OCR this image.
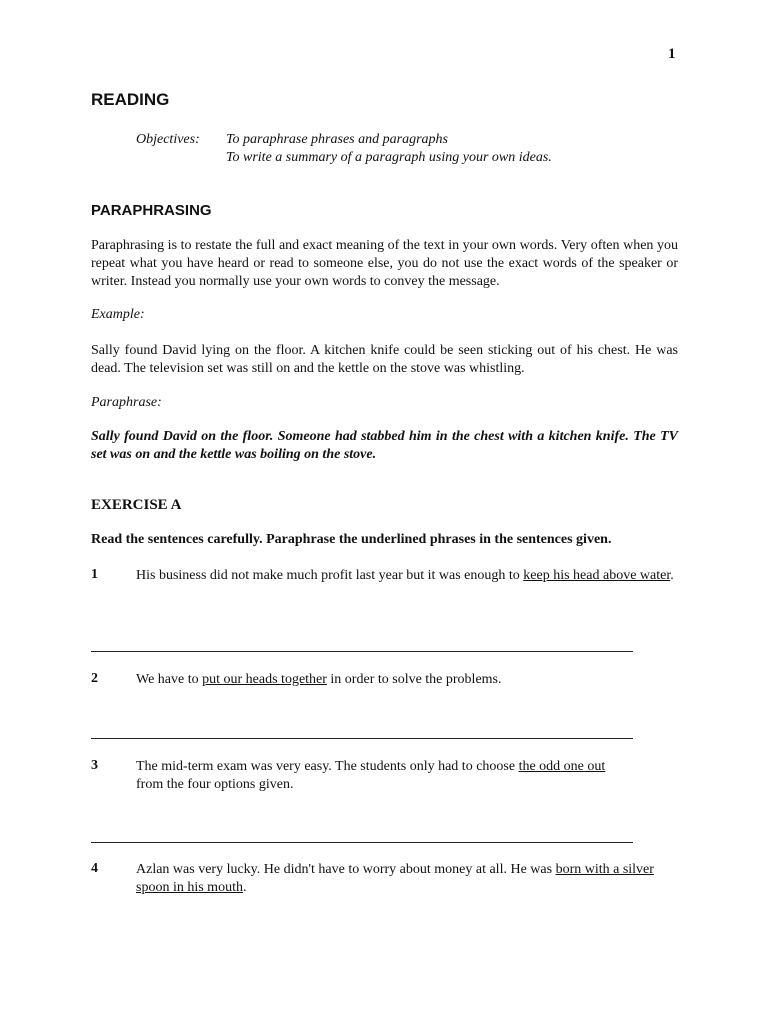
1
READING
Objectives:	To paraphrase phrases and paragraphs
To write a summary of a paragraph using your own ideas.
PARAPHRASING
Paraphrasing is to restate the full and exact meaning of the text in your own words. Very often when you repeat what you have heard or read to someone else, you do not use the exact words of the speaker or writer. Instead you normally use your own words to convey the message.
Example:
Sally found David lying on the floor. A kitchen knife could be seen sticking out of his chest. He was dead. The television set was still on and the kettle on the stove was whistling.
Paraphrase:
Sally found David on the floor. Someone had stabbed him in the chest with a kitchen knife. The TV set was on and the kettle was boiling on the stove.
EXERCISE A
Read the sentences carefully. Paraphrase the underlined phrases in the sentences given.
1	His business did not make much profit last year but it was enough to keep his head above water.
2	We have to put our heads together in order to solve the problems.
3	The mid-term exam was very easy. The students only had to choose the odd one out from the four options given.
4	Azlan was very lucky. He didn't have to worry about money at all. He was born with a silver spoon in his mouth.
